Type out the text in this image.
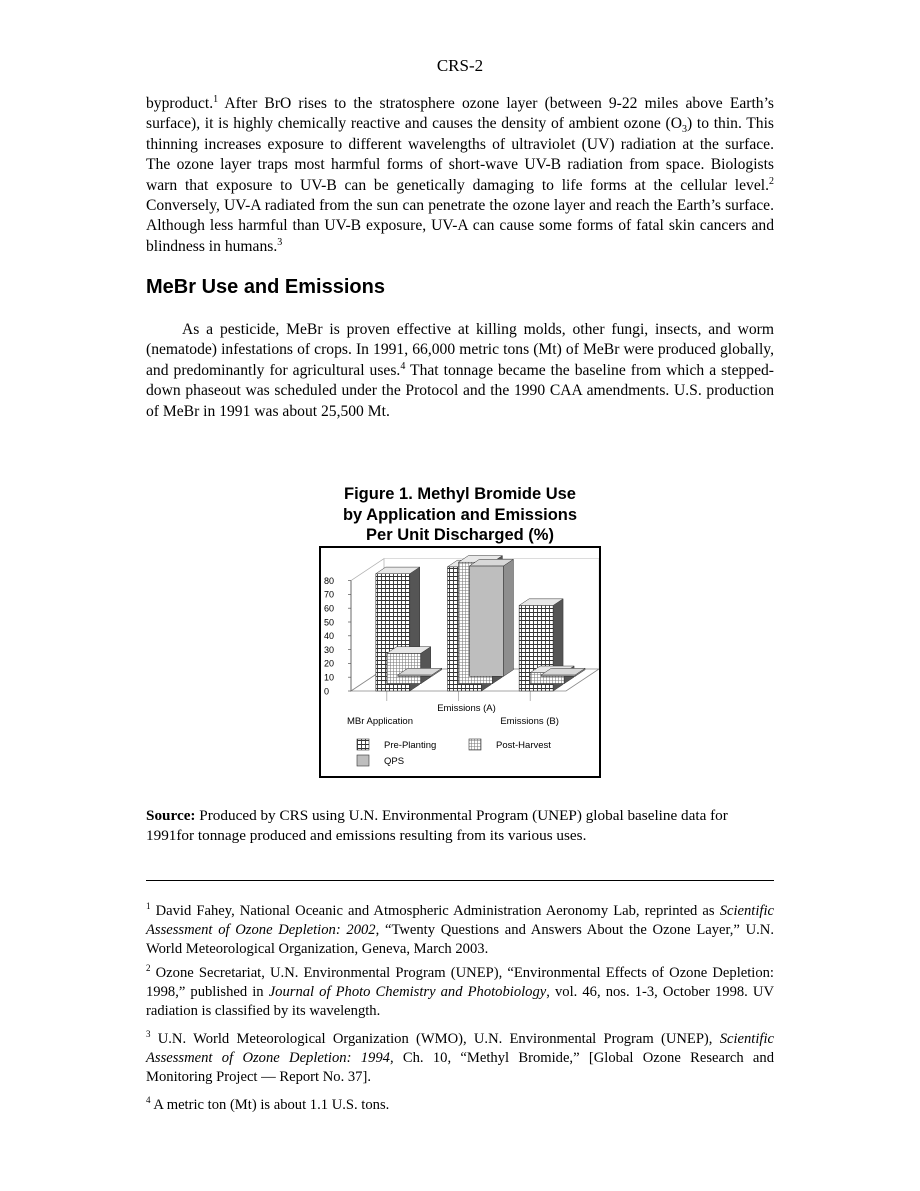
CRS-2

byproduct.$^1$ After BrO rises to the stratosphere ozone layer (between 9-22 miles above Earth’s surface), it is highly chemically reactive and causes the density of ambient ozone $(O_3)$ to thin. This thinning increases exposure to different wavelengths of ultraviolet (UV) radiation at the surface. The ozone layer traps most harmful forms of short-wave UV-B radiation from space. Biologists warn that exposure to UV-B can be genetically damaging to life forms at the cellular level.$^2$ Conversely, UV-A radiated from the sun can penetrate the ozone layer and reach the Earth’s surface. Although less harmful than UV-B exposure, UV-A can cause some forms of fatal skin cancers and blindness in humans.$^3$

MeBr Use and Emissions

As a pesticide, MeBr is proven effective at killing molds, other fungi, insects, and worm (nematode) infestations of crops. In 1991, 66,000 metric tons (Mt) of MeBr were produced globally, and predominantly for agricultural uses.$^4$ That tonnage became the baseline from which a stepped-down phaseout was scheduled under the Protocol and the 1990 CAA amendments. U.S. production of MeBr in 1991 was about 25,500 Mt.

Figure 1. Methyl Bromide Use
by Application and Emissions
Per Unit Discharged (%)
0
10
20
30
40
50
60
70
80
MBr Application
Emissions (A)
Emissions (B)
Pre-Planting	Post-Harvest
QPS

Source: Produced by CRS using U.N. Environmental Program (UNEP) global baseline data for 1991for tonnage produced and emissions resulting from its various uses.

$^1$ David Fahey, National Oceanic and Atmospheric Administration Aeronomy Lab, reprinted as Scientific Assessment of Ozone Depletion: 2002, “Twenty Questions and Answers About the Ozone Layer,” U.N. World Meteorological Organization, Geneva, March 2003.

$^2$ Ozone Secretariat, U.N. Environmental Program (UNEP), “Environmental Effects of Ozone Depletion: 1998,” published in Journal of Photo Chemistry and Photobiology, vol. 46, nos. 1-3, October 1998. UV radiation is classified by its wavelength.

$^3$ U.N. World Meteorological Organization (WMO), U.N. Environmental Program (UNEP), Scientific Assessment of Ozone Depletion: 1994, Ch. 10, “Methyl Bromide,” [Global Ozone Research and Monitoring Project — Report No. 37].

$^4$ A metric ton (Mt) is about 1.1 U.S. tons.
